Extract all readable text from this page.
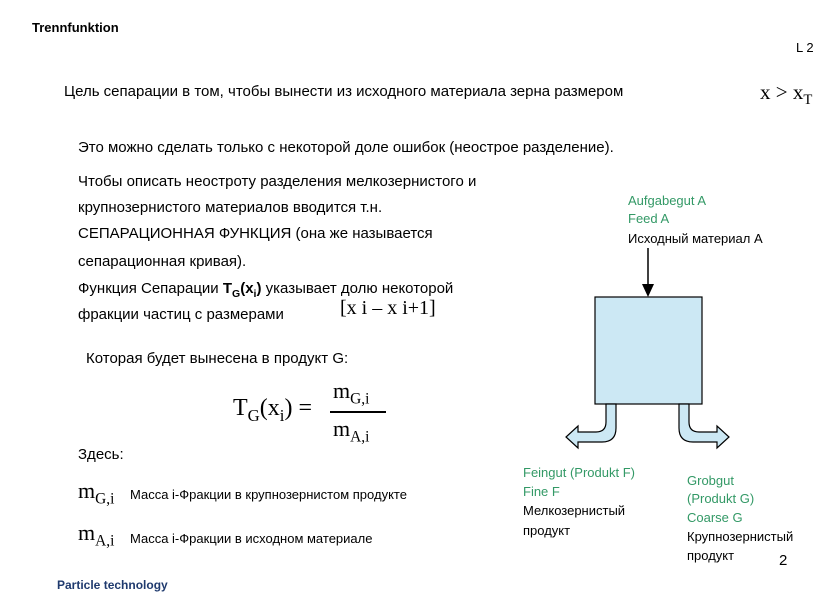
Trennfunktion
L 2
Цель сепарации в том, чтобы вынести из исходного материала зерна размером	$x > x_T$
Это можно сделать только с некоторой доле ошибок (неострое разделение).
Чтобы описать неостроту разделения мелкозернистого и
крупнозернистого материалов вводится т.н.
СЕПАРАЦИОННАЯ ФУНКЦИЯ (она же называется
сепарационная кривая).
Функция Сепарации $T_G(x_i)$ указывает долю некоторой
фракции частиц с размерами	[x i – x i+1]
Которая будет вынесена в продукт G:
$T_G(x_i)$ =
$m_{G,i}$
$m_{A,i}$
Здесь:
$m_{G,i}$ Масса i-Фракции в крупнозернистом продукте
$m_{A,i}$ Масса i-Фракции в исходном материале
Aufgabegut A
Feed A
Исходный материал А
Feingut (Produkt F)
Fine F
Мелкозернистый
продукт
Grobgut
(Produkt G)
Coarse G
Крупнозернистый
продукт
Particle technology
2
